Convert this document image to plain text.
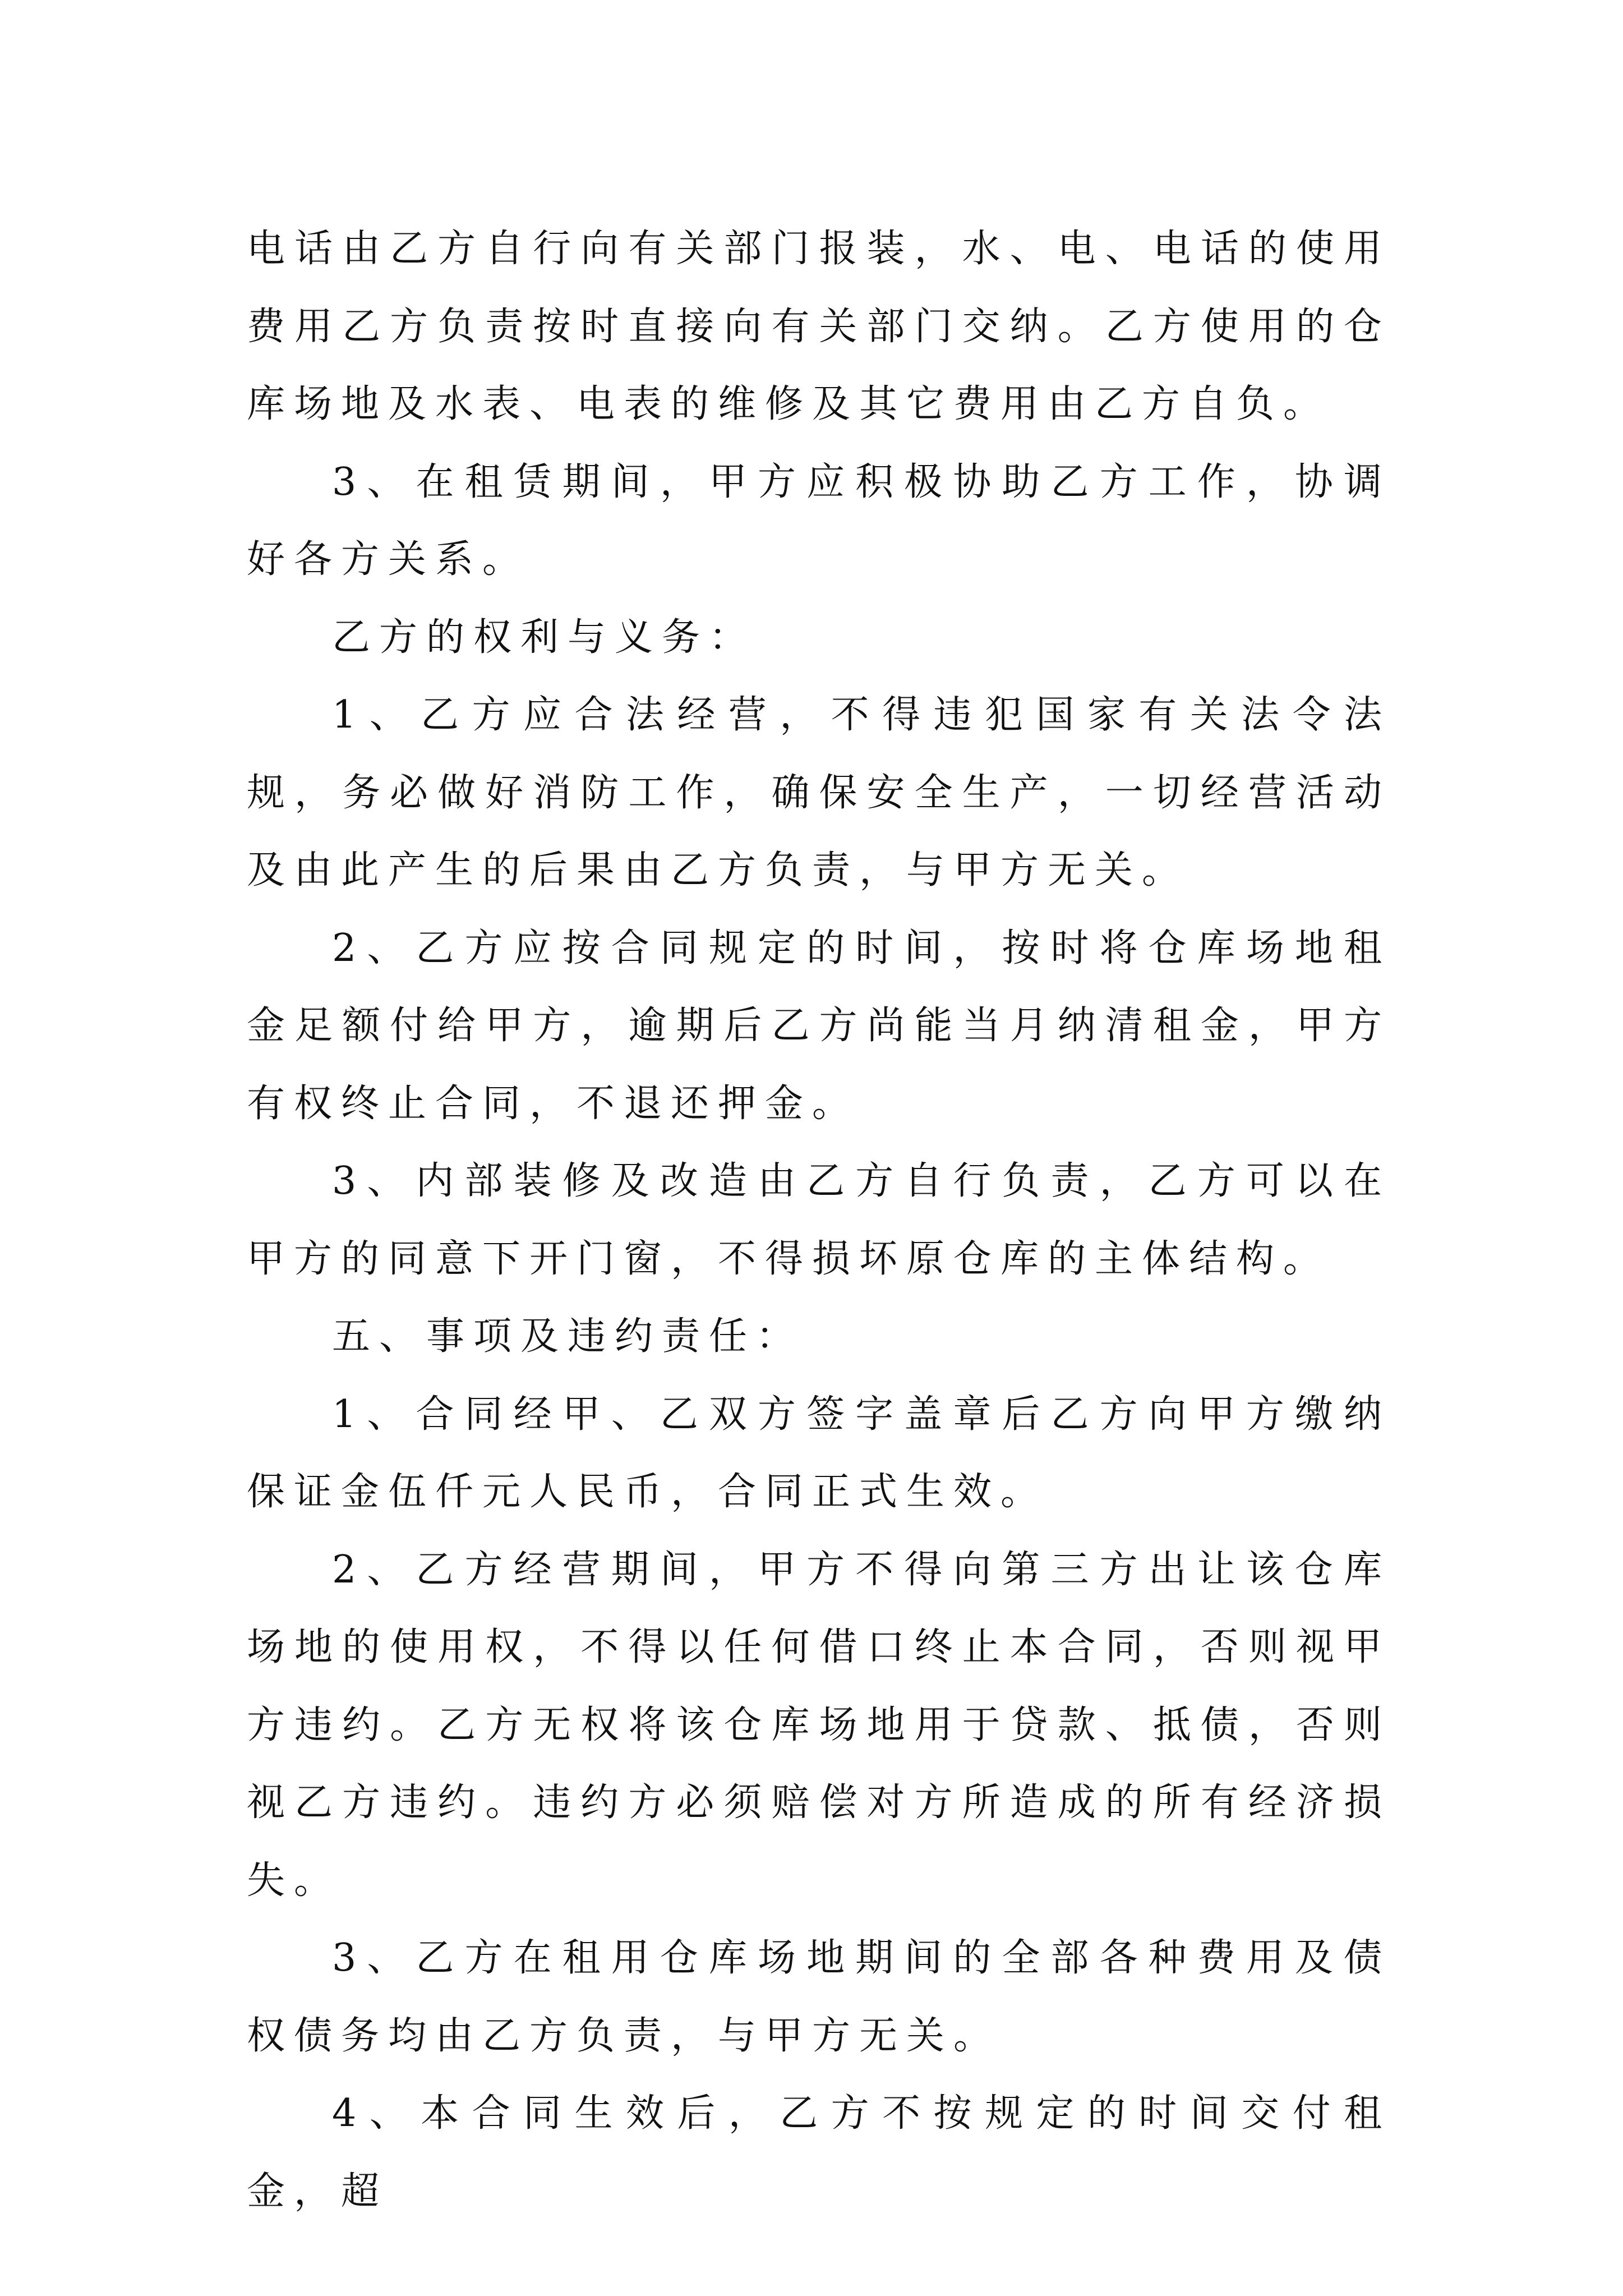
电话由乙方自行向有关部门报装，水、电、电话的使用费用乙方负责按时直接向有关部门交纳。乙方使用的仓库场地及水表、电表的维修及其它费用由乙方自负。

3、在租赁期间，甲方应积极协助乙方工作，协调好各方关系。

乙方的权利与义务：

1、乙方应合法经营，不得违犯国家有关法令法规，务必做好消防工作，确保安全生产，一切经营活动及由此产生的后果由乙方负责，与甲方无关。

2、乙方应按合同规定的时间，按时将仓库场地租金足额付给甲方，逾期后乙方尚能当月纳清租金，甲方有权终止合同，不退还押金。

3、内部装修及改造由乙方自行负责，乙方可以在甲方的同意下开门窗，不得损坏原仓库的主体结构。

五、事项及违约责任：

1、合同经甲、乙双方签字盖章后乙方向甲方缴纳保证金伍仟元人民币，合同正式生效。

2、乙方经营期间，甲方不得向第三方出让该仓库场地的使用权，不得以任何借口终止本合同，否则视甲方违约。乙方无权将该仓库场地用于贷款、抵债，否则视乙方违约。违约方必须赔偿对方所造成的所有经济损失。

3、乙方在租用仓库场地期间的全部各种费用及债权债务均由乙方负责，与甲方无关。

4、本合同生效后，乙方不按规定的时间交付租金，超
